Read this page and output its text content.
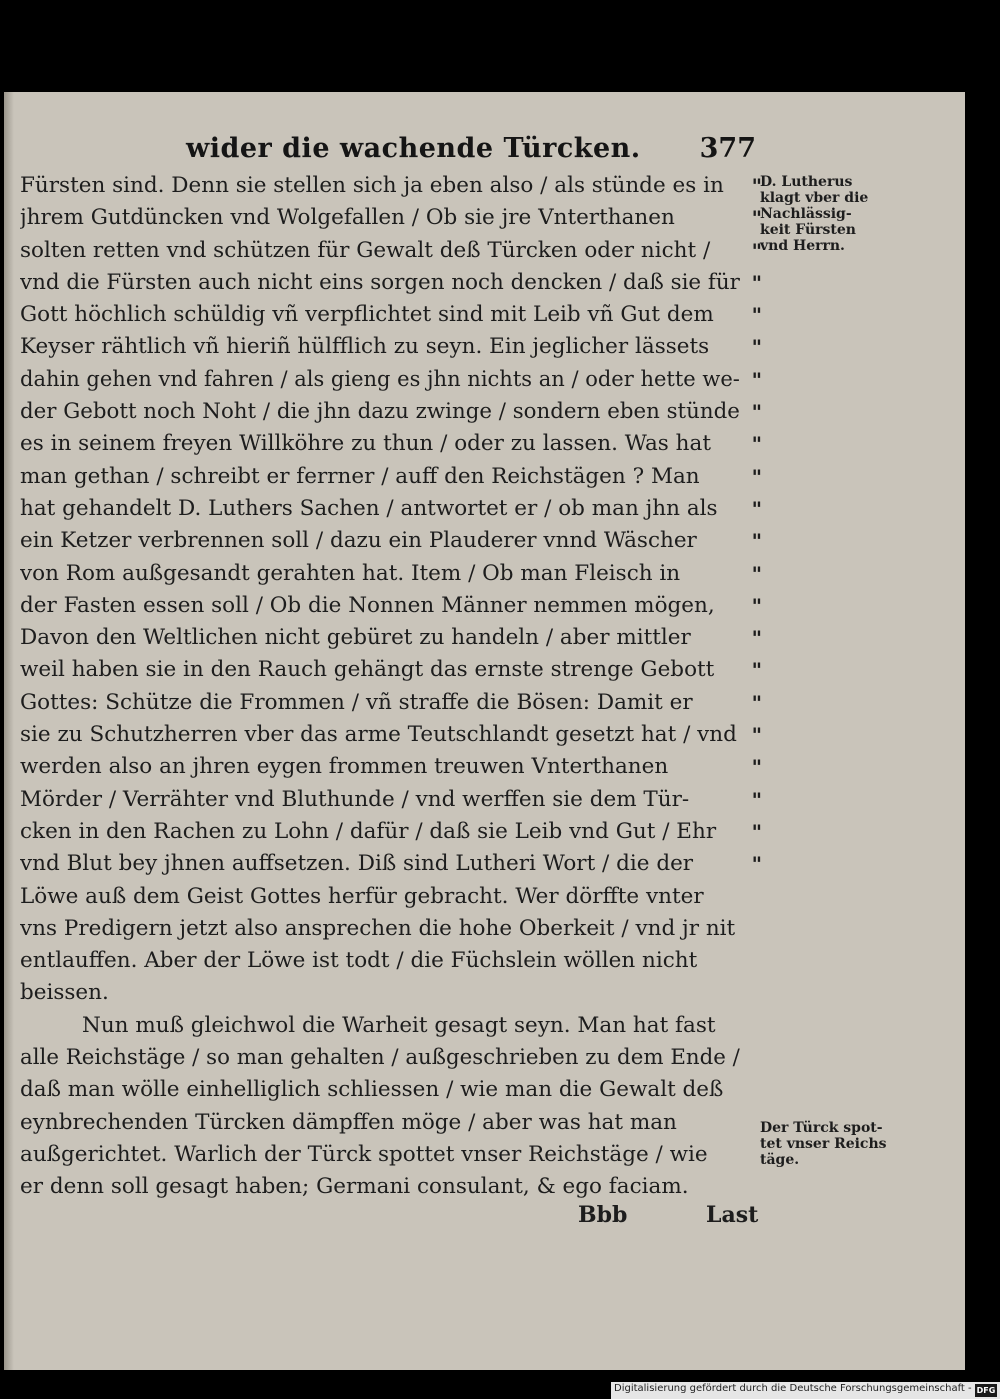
wider die wachende Türcken. 377
Fürsten sind. Denn sie stellen sich ja eben also / als stünde es in "
jhrem Gutdüncken vnd Wolgefallen / Ob sie jre Vnterthanen	"
solten retten vnd schützen für Gewalt deß Türcken oder nicht / "
vnd die Fürsten auch nicht eins sorgen noch dencken / daß sie für "
Gott höchlich schüldig vñ verpflichtet sind mit Leib vñ Gut dem "
Keyser rähtlich vñ hieriñ hülfflich zu seyn. Ein jeglicher lässets "
dahin gehen vnd fahren / als gieng es jhn nichts an / oder hette we- "
der Gebott noch Noht / die jhn dazu zwinge / sondern eben stünde "
es in seinem freyen Willköhre zu thun / oder zu lassen. Was hat "
man gethan / schreibt er ferrner / auff den Reichstägen ? Man	"
hat gehandelt D. Luthers Sachen / antwortet er / ob man jhn als "
ein Ketzer verbrennen soll / dazu ein Plauderer vnnd Wäscher	"
von Rom außgesandt gerahten hat. Item / Ob man Fleisch in	"
der Fasten essen soll / Ob die Nonnen Männer nemmen mögen, "
Davon den Weltlichen nicht gebüret zu handeln / aber mittler	"
weil haben sie in den Rauch gehängt das ernste strenge Gebott "
Gottes: Schütze die Frommen / vñ straffe die Bösen: Damit er	"
sie zu Schutzherren vber das arme Teutschlandt gesetzt hat / vnd "
werden also an jhren eygen frommen treuwen Vnterthanen	"
Mörder / Verrähter vnd Bluthunde / vnd werffen sie dem Tür-	"
cken in den Rachen zu Lohn / dafür / daß sie Leib vnd Gut / Ehr "
vnd Blut bey jhnen auffsetzen. Diß sind Lutheri Wort / die der	"
Löwe auß dem Geist Gottes herfür gebracht. Wer dörffte vnter
vns Predigern jetzt also ansprechen die hohe Oberkeit / vnd jr nit
entlauffen. Aber der Löwe ist todt / die Füchslein wöllen nicht
beissen.
Nun muß gleichwol die Warheit gesagt seyn. Man hat fast
alle Reichstäge / so man gehalten / außgeschrieben zu dem Ende /
daß man wölle einhelliglich schliessen / wie man die Gewalt deß
eynbrechenden Türcken dämpffen möge / aber was hat man
außgerichtet. Warlich der Türck spottet vnser Reichstäge / wie
er denn soll gesagt haben; Germani consulant, & ego faciam.
D. Lutherus
klagt vber die
Nachlässig-
keit Fürsten
vnd Herrn.
Der Türck spot-
tet vnser Reichs
täge.
Bbb	Last
Digitalisierung gefördert durch die Deutsche Forschungsgemeinschaft - DFG
